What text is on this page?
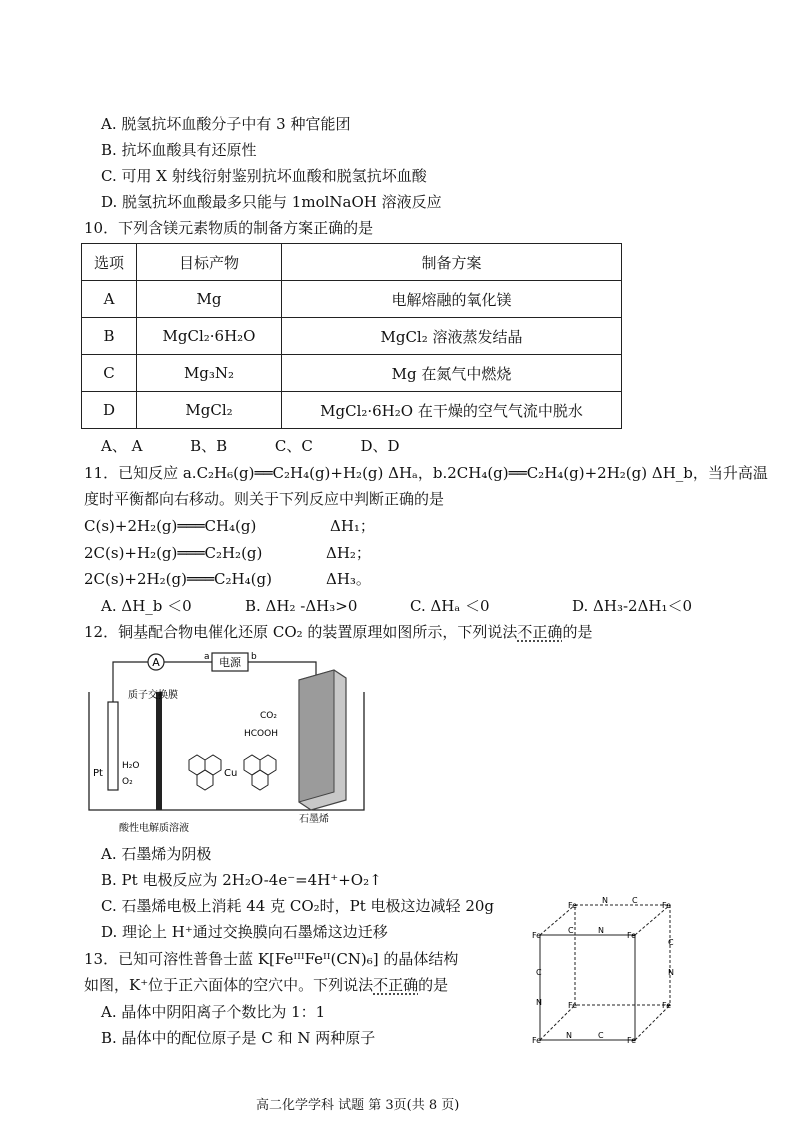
A. 脱氢抗坏血酸分子中有 3 种官能团
B. 抗坏血酸具有还原性
C. 可用 X 射线衍射鉴别抗坏血酸和脱氢抗坏血酸
D. 脱氢抗坏血酸最多只能与 1molNaOH 溶液反应
10．下列含镁元素物质的制备方案正确的是
选项	目标产物	制备方案
A	Mg	电解熔融的氧化镁
B	MgCl₂·6H₂O	MgCl₂ 溶液蒸发结晶
C	Mg₃N₂	Mg 在氮气中燃烧
D	MgCl₂	MgCl₂·6H₂O 在干燥的空气气流中脱水
A、 A          B、B          C、C          D、D
11．已知反应 a.C₂H₆(g)══C₂H₄(g)+H₂(g) ΔHₐ，b.2CH₄(g)══C₂H₄(g)+2H₂(g) ΔH_b，当升高温
度时平衡都向右移动。则关于下列反应中判断正确的是
C(s)+2H₂(g)═══CH₄(g)	ΔH₁；
2C(s)+H₂(g)═══C₂H₂(g)	ΔH₂；
2C(s)+2H₂(g)═══C₂H₄(g)	ΔH₃。
A. ΔH_b ＜0	B. ΔH₂ -ΔH₃>0	C. ΔHₐ ＜0	D. ΔH₃-2ΔH₁＜0
12．铜基配合物电催化还原 CO₂ 的装置原理如图所示，下列说法不正确的是
A	电源
a	b
Pt
H₂O
O₂
质子交换膜
Cu
CO₂
HCOOH
石墨烯
酸性电解质溶液
A. 石墨烯为阴极
B. Pt 电极反应为 2H₂O-4e⁻=4H⁺+O₂↑
C. 石墨烯电极上消耗 44 克 CO₂时，Pt 电极这边减轻 20g
D. 理论上 H⁺通过交换膜向石墨烯这边迁移
13．已知可溶性普鲁士蓝 K[FeᴵᴵᴵFeᴵᴵ(CN)₆] 的晶体结构
如图，K⁺位于正六面体的空穴中。下列说法不正确的是
A. 晶体中阴阳离子个数比为 1：1
B. 晶体中的配位原子是 C 和 N 两种原子
Fe	Fe
Fe	Fe
Fe	Fe
Fe	Fe
N	C
C	N
C
N
C
N
N	C
高二化学学科 试题 第 3页(共 8 页)
